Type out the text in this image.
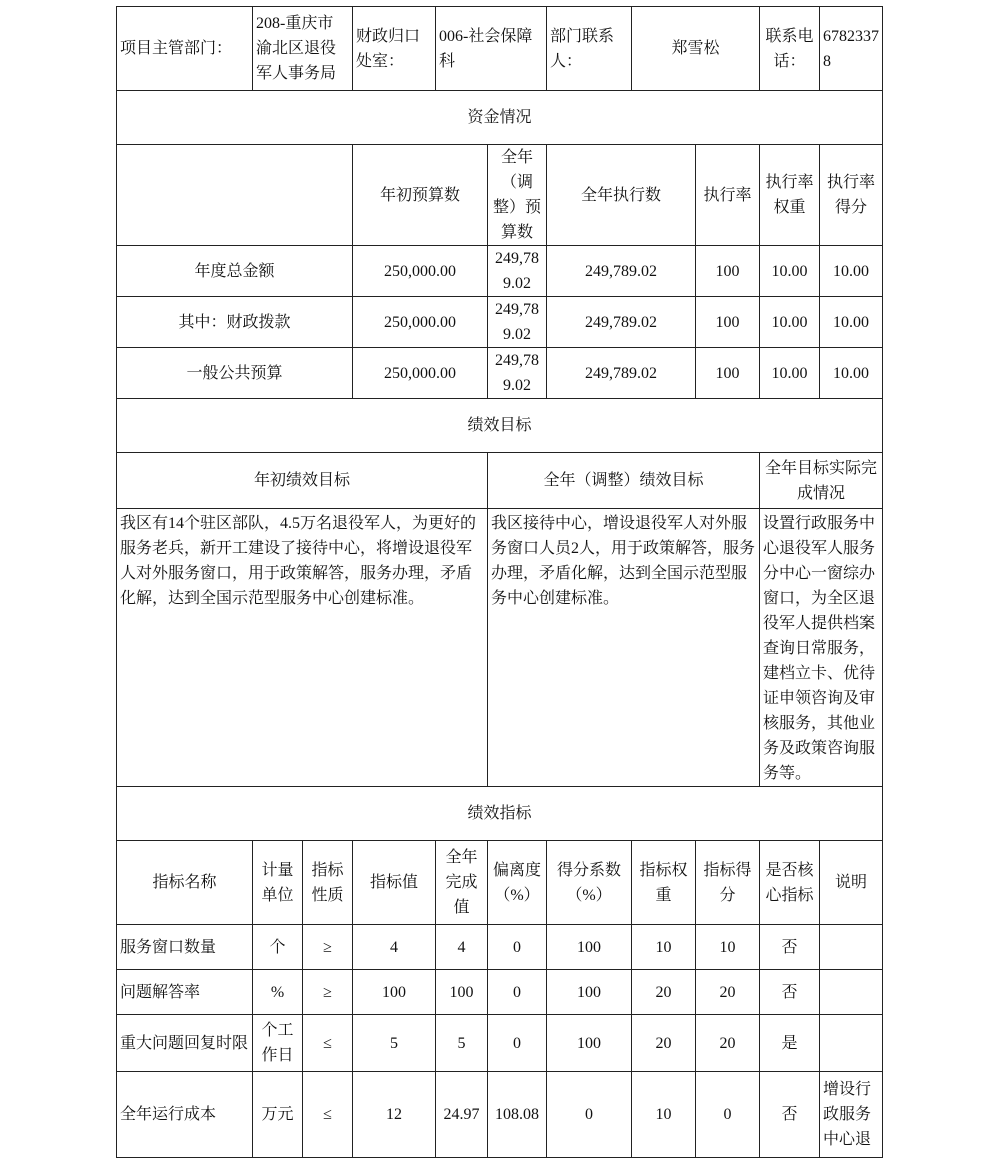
项目主管部门：	208-重庆市渝北区退役军人事务局		财政归口处室：	006-社会保障科		部门联系人：	郑雪松		联系电话：	67823378
资金情况										
			年初预算数		全年（调整）预算数	全年执行数		执行率	执行率权重	执行率得分
年度总金额			250,000.00		249,789.02	249,789.02		100	10.00	10.00
其中：财政拨款			250,000.00		249,789.02	249,789.02		100	10.00	10.00
一般公共预算			250,000.00		249,789.02	249,789.02		100	10.00	10.00
绩效目标										
年初绩效目标					全年（调整）绩效目标				全年目标实际完成情况	
我区有14个驻区部队，4.5万名退役军人，为更好的服务老兵，新开工建设了接待中心，将增设退役军人对外服务窗口，用于政策解答，服务办理，矛盾化解，达到全国示范型服务中心创建标准。					我区接待中心，增设退役军人对外服务窗口人员2人，用于政策解答，服务办理，矛盾化解，达到全国示范型服务中心创建标准。				设置行政服务中心退役军人服务分中心一窗综办窗口，为全区退役军人提供档案查询日常服务，建档立卡、优待证申领咨询及审核服务，其他业务及政策咨询服务等。	
绩效指标										
指标名称	计量单位	指标性质	指标值	全年完成值	偏离度（%）	得分系数（%）	指标权重	指标得分	是否核心指标	说明
服务窗口数量	个	≥	4	4	0	100	10	10	否	
问题解答率	%	≥	100	100	0	100	20	20	否	
重大问题回复时限	个工作日	≤	5	5	0	100	20	20	是	
全年运行成本	万元	≤	12	24.97	108.08	0	10	0	否	增设行政服务中心退
